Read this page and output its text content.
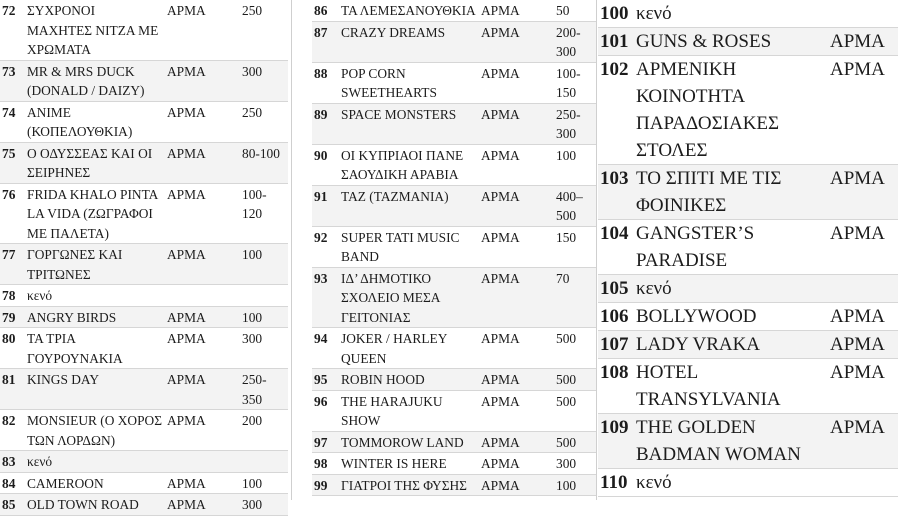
72	ΣΥΧΡΟΝΟΙ ΜΑΧΗΤΕΣ ΝΙΤΖΑ ΜΕ ΧΡΩΜΑΤΑ	ΑΡΜΑ	250
73	MR & MRS DUCK (DONALD / DAIZY)	ΑΡΜΑ	300
74	ANIME (ΚΟΠΕΛΟΥΘΚΙΑ)	ΑΡΜΑ	250
75	Ο ΟΔΥΣΣΕΑΣ ΚΑΙ ΟΙ ΣΕΙΡΗΝΕΣ	ΑΡΜΑ	80-100
76	FRIDA KHALO PINTA LA VIDA (ΖΩΓΡΑΦΟΙ ΜΕ ΠΑΛΕΤΑ)	ΑΡΜΑ	100-120
77	ΓΟΡΓΩΝΕΣ ΚΑΙ ΤΡΙΤΩΝΕΣ	ΑΡΜΑ	100
78	κενό		
79	ANGRY BIRDS	ΑΡΜΑ	100
80	ΤΑ ΤΡΙΑ ΓΟΥΡΟΥΝΑΚΙΑ	ΑΡΜΑ	300
81	KINGS DAY	ΑΡΜΑ	250-350
82	MONSIEUR (Ο ΧΟΡΟΣ ΤΩΝ ΛΟΡΔΩΝ)	ΑΡΜΑ	200
83	κενό		
84	CAMEROON	ΑΡΜΑ	100
85	OLD TOWN ROAD	ΑΡΜΑ	300
86	ΤΑ ΛΕΜΕΣΑΝΟΥΘΚΙΑ	ΑΡΜΑ	50
87	CRAZY DREAMS	ΑΡΜΑ	200-300
88	POP CORN SWEETHEARTS	ΑΡΜΑ	100-150
89	SPACE MONSTERS	ΑΡΜΑ	250-300
90	ΟΙ ΚΥΠΡΙΑΟΙ ΠΑΝΕ ΣΑΟΥΔΙΚΗ ΑΡΑΒΙΑ	ΑΡΜΑ	100
91	TAZ (TAZMANIA)	ΑΡΜΑ	400–500
92	SUPER TATI MUSIC BAND	ΑΡΜΑ	150
93	ΙΔ’ ΔΗΜΟΤΙΚΟ ΣΧΟΛΕΙΟ ΜΕΣΑ ΓΕΙΤΟΝΙΑΣ	ΑΡΜΑ	70
94	JOKER / HARLEY QUEEN	ΑΡΜΑ	500
95	ROBIN HOOD	ΑΡΜΑ	500
96	THE HARAJUKU SHOW	ΑΡΜΑ	500
97	TOMMOROW LAND	ΑΡΜΑ	500
98	WINTER IS HERE	ΑΡΜΑ	300
99	ΓΙΑΤΡΟΙ ΤΗΣ ΦΥΣΗΣ	ΑΡΜΑ	100
100	κενό	
101	GUNS & ROSES	ΑΡΜΑ
102	ΑΡΜΕΝΙΚΗ ΚΟΙΝΟΤΗΤΑ ΠΑΡΑΔΟΣΙΑΚΕΣ ΣΤΟΛΕΣ	ΑΡΜΑ
103	ΤΟ ΣΠΙΤΙ ΜΕ ΤΙΣ ΦΟΙΝΙΚΕΣ	ΑΡΜΑ
104	GANGSTER’S PARADISE	ΑΡΜΑ
105	κενό	
106	BOLLYWOOD	ΑΡΜΑ
107	LADY VRAKA	ΑΡΜΑ
108	HOTEL TRANSYLVANIA	ΑΡΜΑ
109	THE GOLDEN BADMAN WOMAN	ΑΡΜΑ
110	κενό	
